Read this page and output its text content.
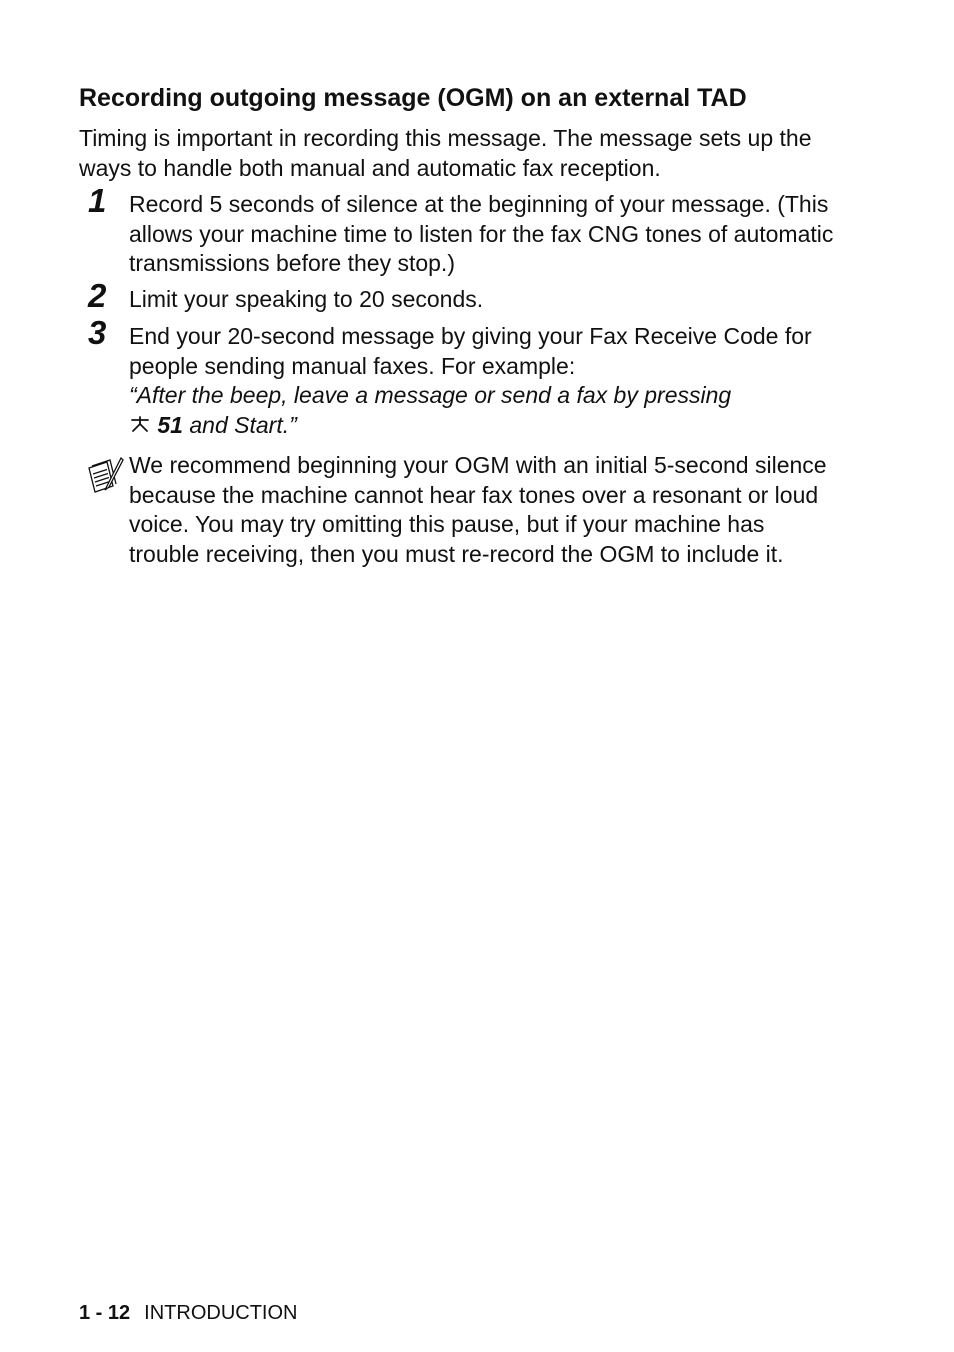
Recording outgoing message (OGM) on an external TAD
Timing is important in recording this message. The message sets up the ways to handle both manual and automatic fax reception.
1 Record 5 seconds of silence at the beginning of your message. (This allows your machine time to listen for the fax CNG tones of automatic transmissions before they stop.)
2 Limit your speaking to 20 seconds.
3 End your 20-second message by giving your Fax Receive Code for people sending manual faxes. For example:
“After the beep, leave a message or send a fax by pressing
51 and Start.”
We recommend beginning your OGM with an initial 5-second silence because the machine cannot hear fax tones over a resonant or loud voice. You may try omitting this pause, but if your machine has trouble receiving, then you must re-record the OGM to include it.
1 - 12 INTRODUCTION
